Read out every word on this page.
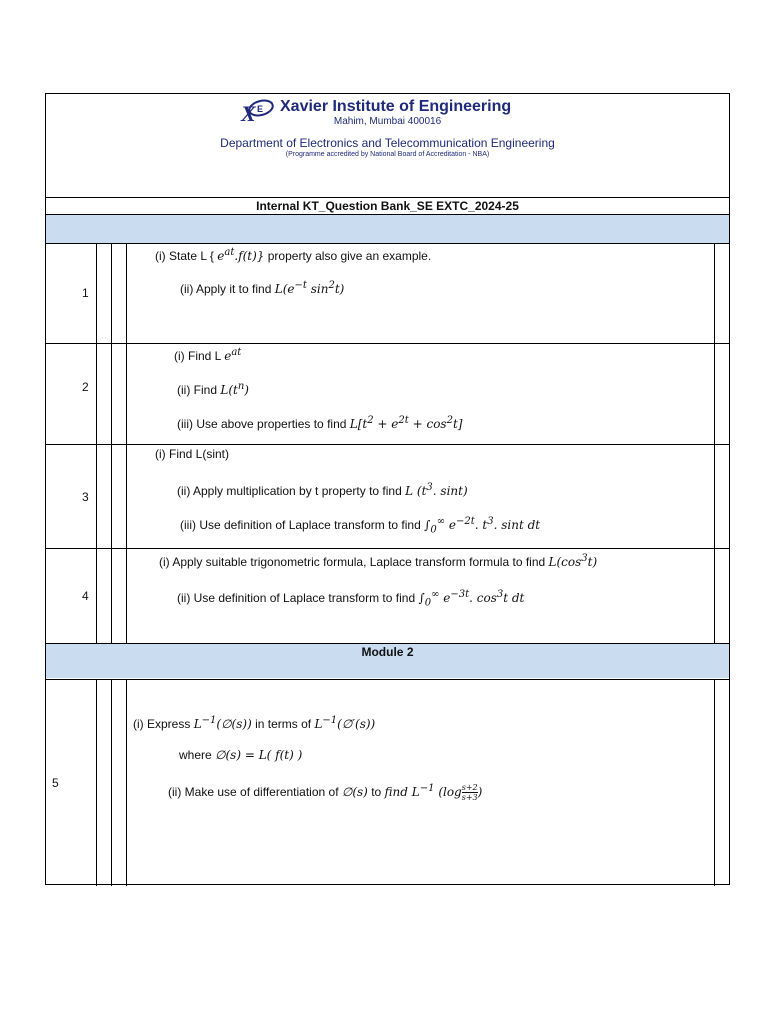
X E Xavier Institute of Engineering
Mahim, Mumbai 400016
Department of Electronics and Telecommunication Engineering
(Programme accredited by National Board of Accreditation - NBA)
Internal KT_Question Bank_SE EXTC_2024-25
1
(i) State L { $e^{at}.f(t)$} property also give an example.
(ii) Apply it to find $L(e^{-t}$ $\sin^2t$)
2
(i) Find L $e^{at}$
(ii) Find $L(t^n)$
(iii) Use above properties to find $L[t^2 + e^{2t} + \cos^2t]$
3
(i) Find L(sint)
(ii) Apply multiplication by t property to find L ($t^3$. sint)
(iii) Use definition of Laplace transform to find $\int_0^\infty$ $e^{-2t}$. $t^3$. sint dt
4
(i) Apply suitable trigonometric formula, Laplace transform formula to find $L(\cos^3t)$
(ii) Use definition of Laplace transform to find $\int_0^\infty$ $e^{-3t}$. $\cos^3t$ dt
Module 2
5
(i) Express $L^{-1}(\emptyset(s))$ in terms of $L^{-1}(\emptyset'(s))$
where ∅(s) = L( f(t) )
(ii) Make use of differentiation of ∅(s) to find $L^{-1}$ ($\log \frac{s+2}{s+3}$ )
